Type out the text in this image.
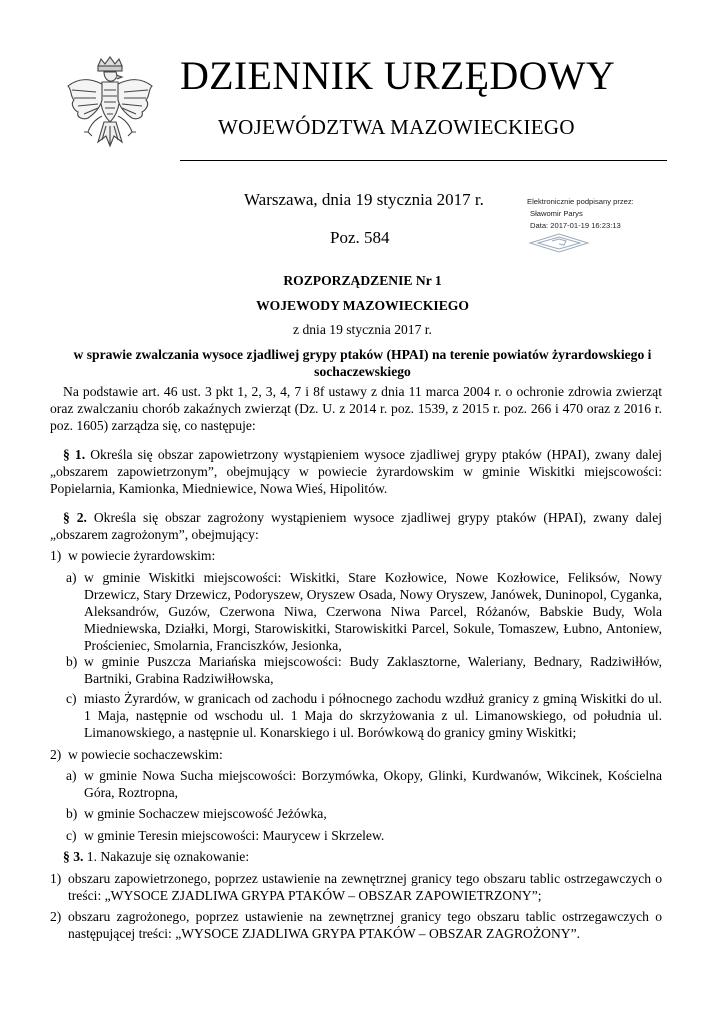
DZIENNIK URZĘDOWY
WOJEWÓDZTWA MAZOWIECKIEGO
Warszawa, dnia 19 stycznia 2017 r.
Poz. 584
Elektronicznie podpisany przez:
Sławomir Parys
Data: 2017-01-19 16:23:13
ROZPORZĄDZENIE Nr 1
WOJEWODY MAZOWIECKIEGO
z dnia 19 stycznia 2017 r.
w sprawie zwalczania wysoce zjadliwej grypy ptaków (HPAI) na terenie powiatów żyrardowskiego i sochaczewskiego
Na podstawie art. 46 ust. 3 pkt 1, 2, 3, 4, 7 i 8f ustawy z dnia 11 marca 2004 r. o ochronie zdrowia zwierząt oraz zwalczaniu chorób zakaźnych zwierząt (Dz. U. z 2014 r. poz. 1539, z 2015 r. poz. 266 i 470 oraz z 2016 r. poz. 1605) zarządza się, co następuje:
§ 1. Określa się obszar zapowietrzony wystąpieniem wysoce zjadliwej grypy ptaków (HPAI), zwany dalej „obszarem zapowietrzonym”, obejmujący w powiecie żyrardowskim w gminie Wiskitki miejscowości: Popielarnia, Kamionka, Miedniewice, Nowa Wieś, Hipolitów.
§ 2. Określa się obszar zagrożony wystąpieniem wysoce zjadliwej grypy ptaków (HPAI), zwany dalej „obszarem zagrożonym”, obejmujący:
1) w powiecie żyrardowskim:
a) w gminie Wiskitki miejscowości: Wiskitki, Stare Kozłowice, Nowe Kozłowice, Feliksów, Nowy Drzewicz, Stary Drzewicz, Podoryszew, Oryszew Osada, Nowy Oryszew, Janówek, Duninopol, Cyganka, Aleksandrów, Guzów, Czerwona Niwa, Czerwona Niwa Parcel, Różanów, Babskie Budy, Wola Miedniewska, Działki, Morgi, Starowiskitki, Starowiskitki Parcel, Sokule, Tomaszew, Łubno, Antoniew, Prościeniec, Smolarnia, Franciszków, Jesionka,
b) w gminie Puszcza Mariańska miejscowości: Budy Zaklasztorne, Waleriany, Bednary, Radziwiłłów, Bartniki, Grabina Radziwiłłowska,
c) miasto Żyrardów, w granicach od zachodu i północnego zachodu wzdłuż granicy z gminą Wiskitki do ul. 1 Maja, następnie od wschodu ul. 1 Maja do skrzyżowania z ul. Limanowskiego, od południa ul. Limanowskiego, a następnie ul. Konarskiego i ul. Borówkową do granicy gminy Wiskitki;
2) w powiecie sochaczewskim:
a) w gminie Nowa Sucha miejscowości: Borzymówka, Okopy, Glinki, Kurdwanów, Wikcinek, Kościelna Góra, Roztropna,
b) w gminie Sochaczew miejscowość Jeżówka,
c) w gminie Teresin miejscowości: Maurycew i Skrzelew.
§ 3. 1. Nakazuje się oznakowanie:
1) obszaru zapowietrzonego, poprzez ustawienie na zewnętrznej granicy tego obszaru tablic ostrzegawczych o treści: „WYSOCE ZJADLIWA GRYPA PTAKÓW – OBSZAR ZAPOWIETRZONY”;
2) obszaru zagrożonego, poprzez ustawienie na zewnętrznej granicy tego obszaru tablic ostrzegawczych o następującej treści: „WYSOCE ZJADLIWA GRYPA PTAKÓW – OBSZAR ZAGROŻONY”.
